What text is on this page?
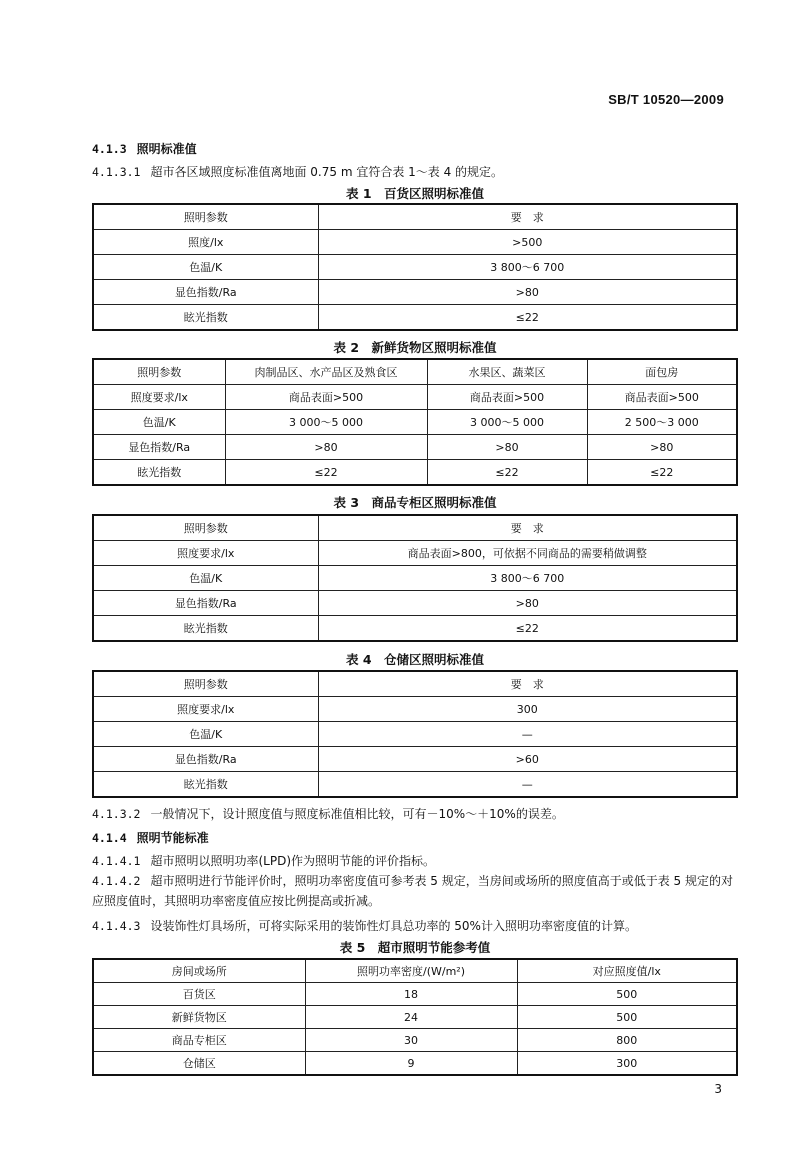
SB/T 10520—2009
4.1.3 照明标准值
4.1.3.1 超市各区域照度标准值离地面 0.75 m 宜符合表 1～表 4 的规定。
表 1　百货区照明标准值
照明参数	要　求
照度/lx	>500
色温/K	3 800～6 700
显色指数/Ra	>80
眩光指数	≤22
表 2　新鲜货物区照明标准值
照明参数	肉制品区、水产品区及熟食区	水果区、蔬菜区	面包房
照度要求/lx	商品表面>500	商品表面>500	商品表面>500
色温/K	3 000～5 000	3 000～5 000	2 500～3 000
显色指数/Ra	>80	>80	>80
眩光指数	≤22	≤22	≤22
表 3　商品专柜区照明标准值
照明参数	要　求
照度要求/lx	商品表面>800，可依据不同商品的需要稍做调整
色温/K	3 800～6 700
显色指数/Ra	>80
眩光指数	≤22
表 4　仓储区照明标准值
照明参数	要　求
照度要求/lx	300
色温/K	—
显色指数/Ra	>60
眩光指数	—
4.1.3.2 一般情况下，设计照度值与照度标准值相比较，可有－10%～＋10%的误差。
4.1.4 照明节能标准
4.1.4.1 超市照明以照明功率(LPD)作为照明节能的评价指标。
4.1.4.2 超市照明进行节能评价时，照明功率密度值可参考表 5 规定，当房间或场所的照度值高于或低于表 5 规定的对应照度值时，其照明功率密度值应按比例提高或折减。
4.1.4.3 设装饰性灯具场所，可将实际采用的装饰性灯具总功率的 50%计入照明功率密度值的计算。
表 5　超市照明节能参考值
房间或场所	照明功率密度/(W/m²)	对应照度值/lx
百货区	18	500
新鲜货物区	24	500
商品专柜区	30	800
仓储区	9	300
3
